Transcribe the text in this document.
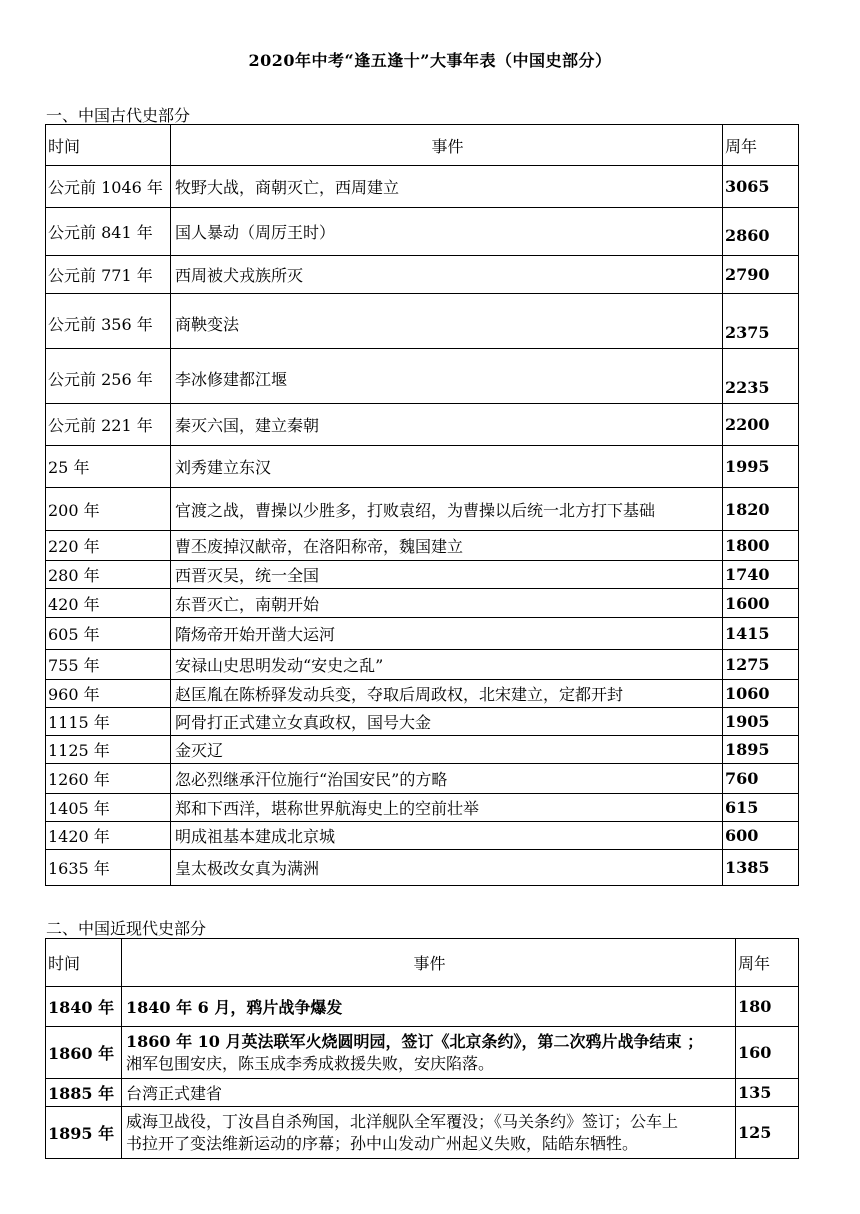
2020年中考“逢五逢十”大事年表（中国史部分）
一、中国古代史部分
时间	事件	周年
公元前 1046 年	牧野大战，商朝灭亡，西周建立	3065
公元前 841 年	国人暴动（周厉王时）	2860
公元前 771 年	西周被犬戎族所灭	2790
公元前 356 年	商鞅变法	2375
公元前 256 年	李冰修建都江堰	2235
公元前 221 年	秦灭六国，建立秦朝	2200
25 年	刘秀建立东汉	1995
200 年	官渡之战，曹操以少胜多，打败袁绍，为曹操以后统一北方打下基础	1820
220 年	曹丕废掉汉献帝，在洛阳称帝，魏国建立	1800
280 年	西晋灭吴，统一全国	1740
420 年	东晋灭亡，南朝开始	1600
605 年	隋炀帝开始开凿大运河	1415
755 年	安禄山史思明发动“安史之乱”	1275
960 年	赵匡胤在陈桥驿发动兵变，夺取后周政权，北宋建立，定都开封	1060
1115 年	阿骨打正式建立女真政权，国号大金	1905
1125 年	金灭辽	1895
1260 年	忽必烈继承汗位施行“治国安民”的方略	760
1405 年	郑和下西洋，堪称世界航海史上的空前壮举	615
1420 年	明成祖基本建成北京城	600
1635 年	皇太极改女真为满洲	1385
二、中国近现代史部分
时间	事件	周年
1840 年	1840 年 6 月，鸦片战争爆发	180
1860 年	1860 年 10 月英法联军火烧圆明园，签订《北京条约》，第二次鸦片战争结束 ；
湘军包围安庆，陈玉成李秀成救援失败，安庆陷落。	160
1885 年	台湾正式建省	135
1895 年	威海卫战役，丁汝昌自杀殉国，北洋舰队全军覆没；《马关条约》签订；公车上
书拉开了变法维新运动的序幕；孙中山发动广州起义失败，陆皓东牺牲。	125
